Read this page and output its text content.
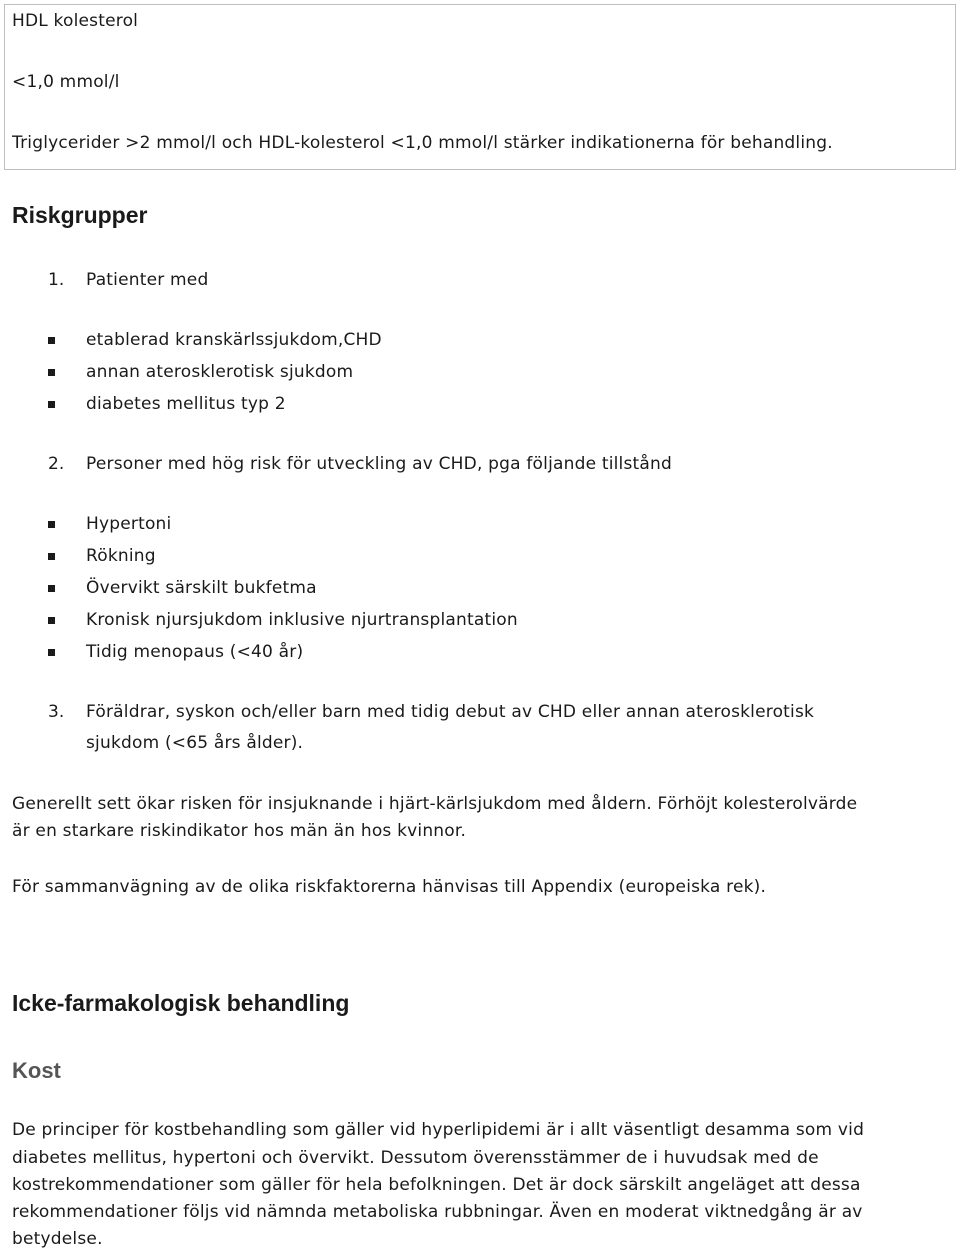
HDL kolesterol
<1,0 mmol/l
Triglycerider >2 mmol/l och HDL-kolesterol <1,0 mmol/l stärker indikationerna för behandling.
Riskgrupper
1. Patienter med
etablerad kranskärlssjukdom,CHD
annan aterosklerotisk sjukdom
diabetes mellitus typ 2
2. Personer med hög risk för utveckling av CHD, pga följande tillstånd
Hypertoni
Rökning
Övervikt särskilt bukfetma
Kronisk njursjukdom inklusive njurtransplantation
Tidig menopaus (<40 år)
3. Föräldrar, syskon och/eller barn med tidig debut av CHD eller annan aterosklerotisk
sjukdom (<65 års ålder).
Generellt sett ökar risken för insjuknande i hjärt-kärlsjukdom med åldern. Förhöjt kolesterolvärde
är en starkare riskindikator hos män än hos kvinnor.
För sammanvägning av de olika riskfaktorerna hänvisas till Appendix (europeiska rek).
Icke-farmakologisk behandling
Kost
De principer för kostbehandling som gäller vid hyperlipidemi är i allt väsentligt desamma som vid
diabetes mellitus, hypertoni och övervikt. Dessutom överensstämmer de i huvudsak med de
kostrekommendationer som gäller för hela befolkningen. Det är dock särskilt angeläget att dessa
rekommendationer följs vid nämnda metaboliska rubbningar. Även en moderat viktnedgång är av
betydelse.
